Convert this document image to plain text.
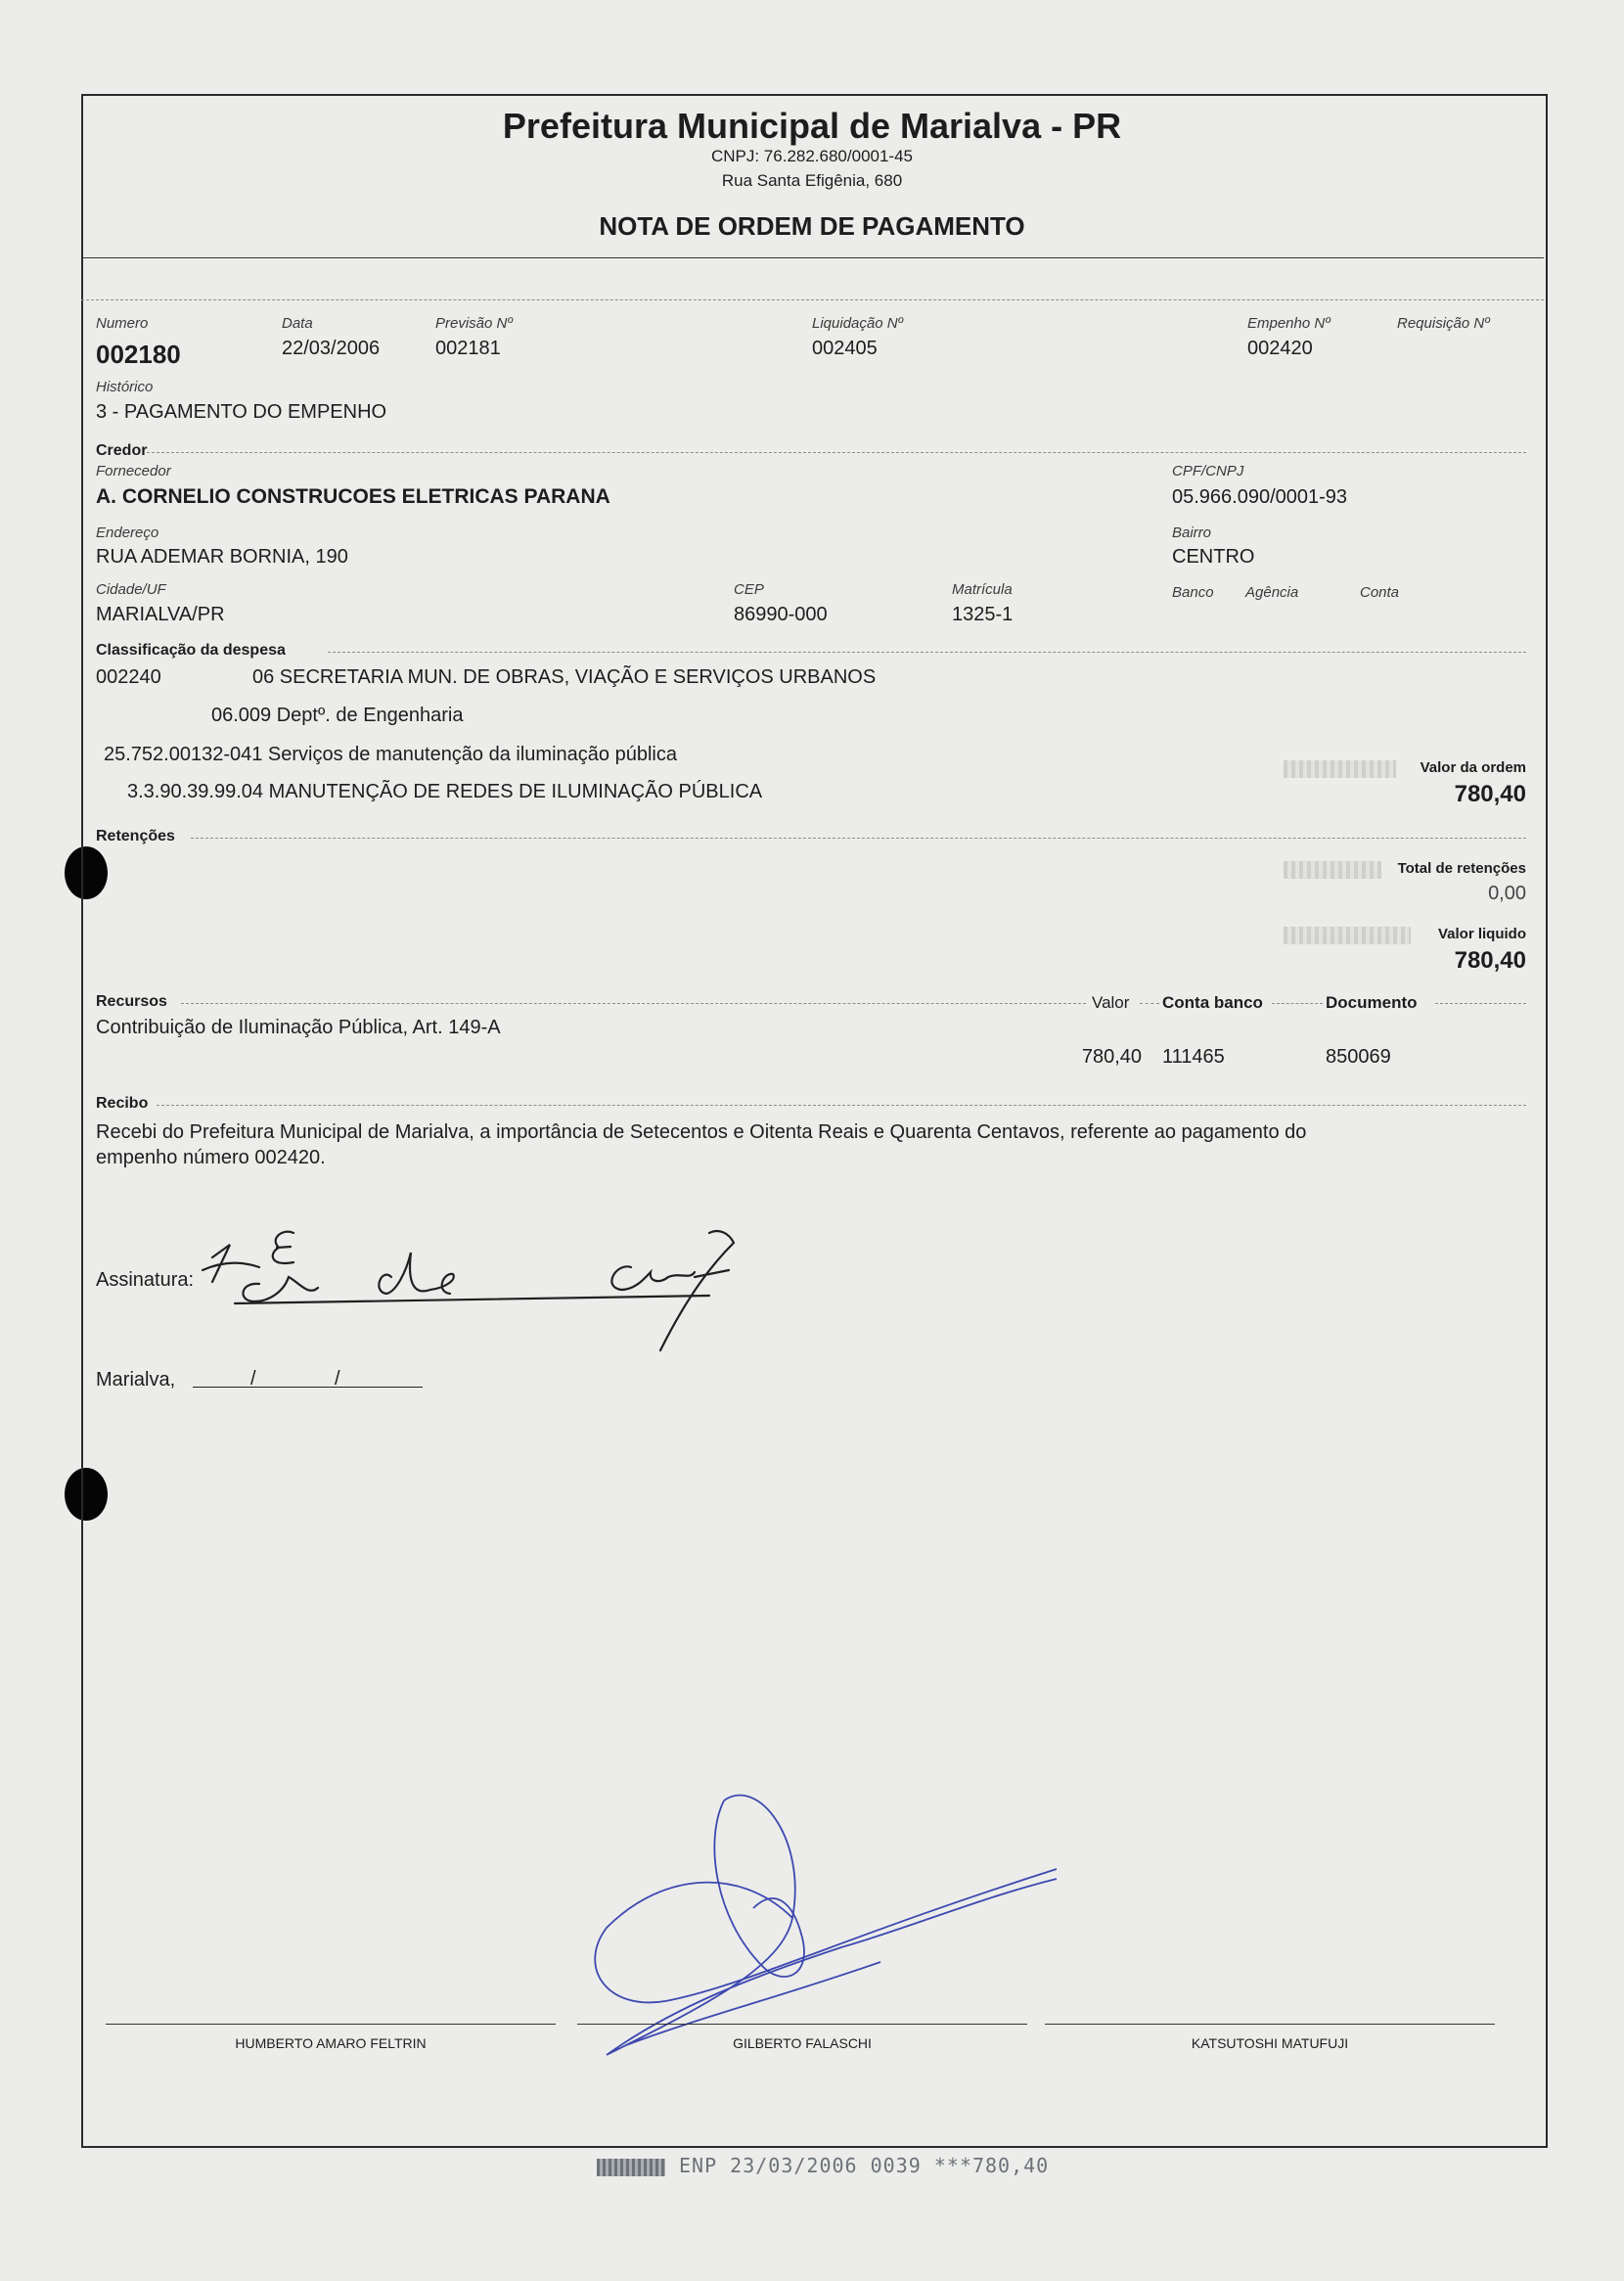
Prefeitura Municipal de Marialva - PR
CNPJ: 76.282.680/0001-45
Rua Santa Efigênia, 680
NOTA DE ORDEM DE PAGAMENTO
Numero
002180
Data
22/03/2006
Previsão Nº
002181
Liquidação Nº
002405
Empenho Nº
002420
Requisição Nº
Histórico
3 - PAGAMENTO DO EMPENHO
Credor
Fornecedor
A. CORNELIO CONSTRUCOES ELETRICAS PARANA
CPF/CNPJ
05.966.090/0001-93
Endereço
RUA ADEMAR BORNIA, 190
Bairro
CENTRO
Cidade/UF
MARIALVA/PR
CEP
86990-000
Matrícula
1325-1
Banco Agência	Conta
Classificação da despesa
002240	06 SECRETARIA MUN. DE OBRAS, VIAÇÃO E SERVIÇOS URBANOS
06.009 Deptº. de Engenharia
25.752.00132-041 Serviços de manutenção da iluminação pública
3.3.90.39.99.04 MANUTENÇÃO DE REDES DE ILUMINAÇÃO PÚBLICA
Valor da ordem
780,40
Retenções
Total de retenções
0,00
Valor liquido
780,40
Recursos	Valor Conta banco	Documento
Contribuição de Iluminação Pública, Art. 149-A
780,40 111465	850069
Recibo
Recebi do Prefeitura Municipal de Marialva, a importância de Setecentos e Oitenta Reais e Quarenta Centavos, referente ao pagamento do
empenho número 002420.
Assinatura:
Marialva,	/	/
HUMBERTO AMARO FELTRIN	GILBERTO FALASCHI	KATSUTOSHI MATUFUJI
ENP 23/03/2006 0039 ***780,40
